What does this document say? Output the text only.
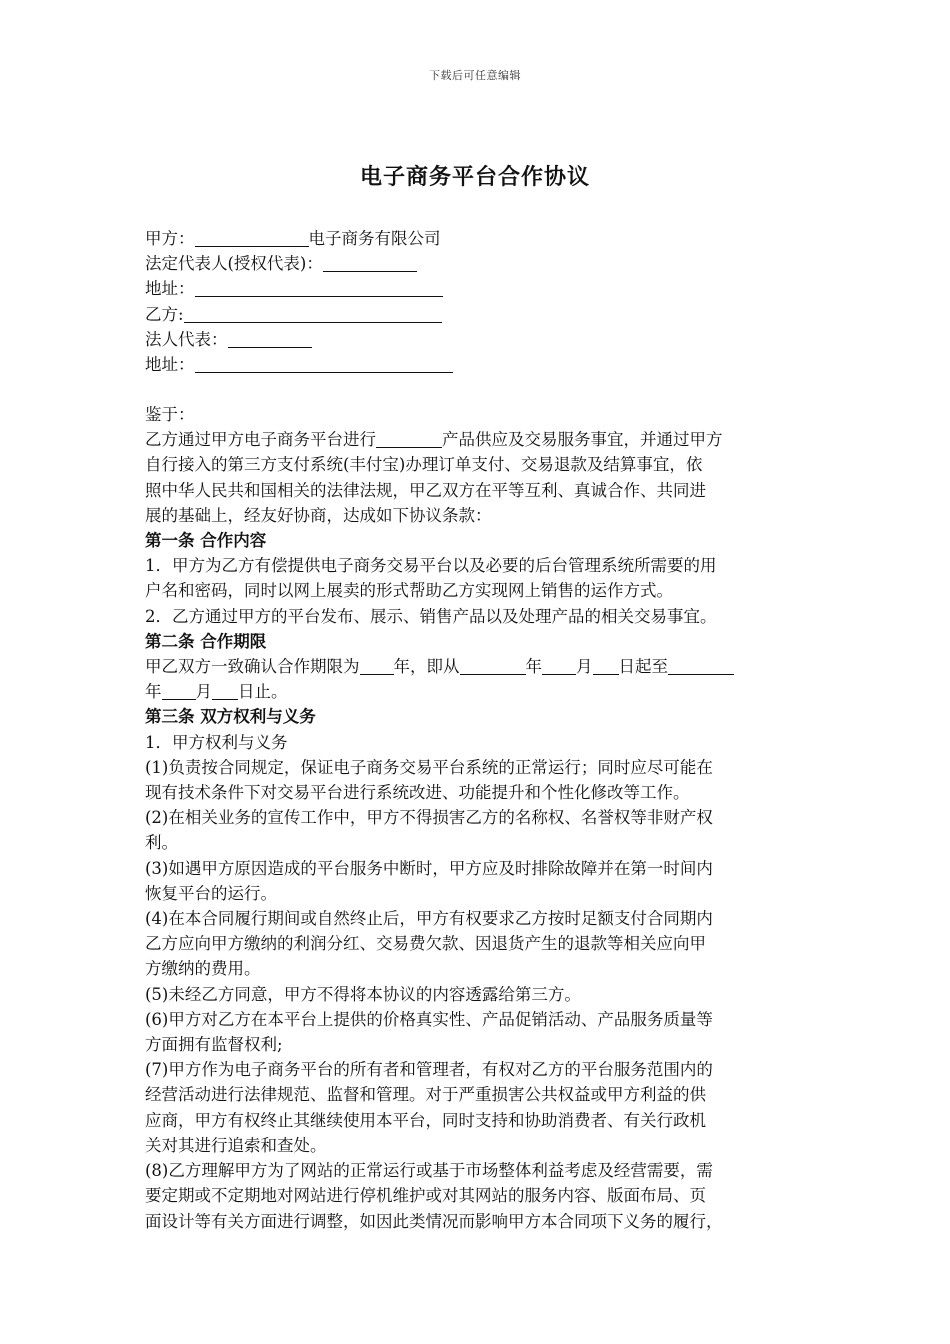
下载后可任意编辑
电子商务平台合作协议
甲方：	电子商务有限公司
法定代表人(授权代表)：
地址：
乙方:
法人代表：
地址：
鉴于：
乙方通过甲方电子商务平台进行	产品供应及交易服务事宜，并通过甲方
自行接入的第三方支付系统(丰付宝)办理订单支付、交易退款及结算事宜，依
照中华人民共和国相关的法律法规，甲乙双方在平等互利、真诚合作、共同进
展的基础上，经友好协商，达成如下协议条款：
第一条 合作内容
1．甲方为乙方有偿提供电子商务交易平台以及必要的后台管理系统所需要的用
户名和密码，同时以网上展卖的形式帮助乙方实现网上销售的运作方式。
2．乙方通过甲方的平台发布、展示、销售产品以及处理产品的相关交易事宜。
第二条 合作期限
甲乙双方一致确认合作期限为 年，即从	年 月 日起至
年 月 日止。
第三条 双方权利与义务
1．甲方权利与义务
(1)负责按合同规定，保证电子商务交易平台系统的正常运行；同时应尽可能在
现有技术条件下对交易平台进行系统改进、功能提升和个性化修改等工作。
(2)在相关业务的宣传工作中，甲方不得损害乙方的名称权、名誉权等非财产权
利。
(3)如遇甲方原因造成的平台服务中断时，甲方应及时排除故障并在第一时间内
恢复平台的运行。
(4)在本合同履行期间或自然终止后，甲方有权要求乙方按时足额支付合同期内
乙方应向甲方缴纳的利润分红、交易费欠款、因退货产生的退款等相关应向甲
方缴纳的费用。
(5)未经乙方同意，甲方不得将本协议的内容透露给第三方。
(6)甲方对乙方在本平台上提供的价格真实性、产品促销活动、产品服务质量等
方面拥有监督权利;
(7)甲方作为电子商务平台的所有者和管理者，有权对乙方的平台服务范围内的
经营活动进行法律规范、监督和管理。对于严重损害公共权益或甲方利益的供
应商，甲方有权终止其继续使用本平台，同时支持和协助消费者、有关行政机
关对其进行追索和查处。
(8)乙方理解甲方为了网站的正常运行或基于市场整体利益考虑及经营需要，需
要定期或不定期地对网站进行停机维护或对其网站的服务内容、版面布局、页
面设计等有关方面进行调整，如因此类情况而影响甲方本合同项下义务的履行，
